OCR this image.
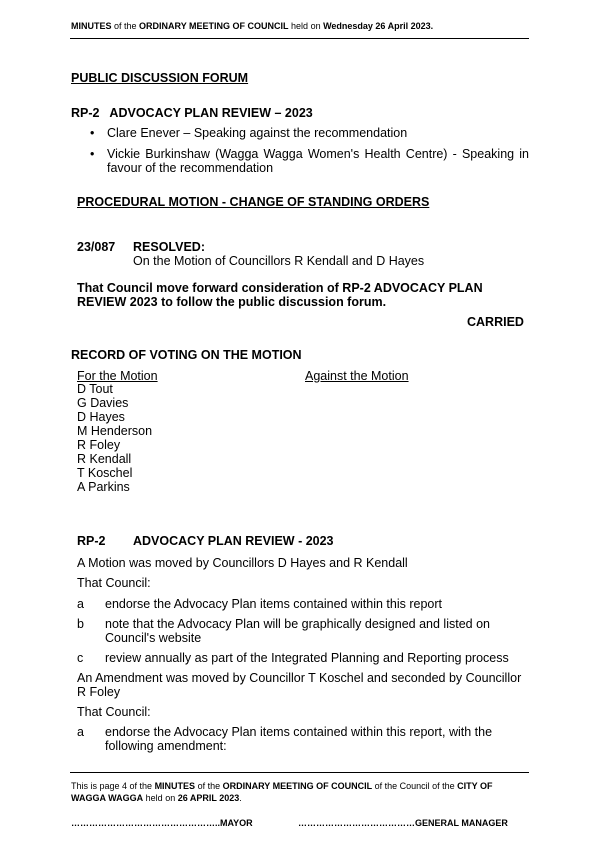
MINUTES of the ORDINARY MEETING OF COUNCIL held on Wednesday 26 April 2023.
PUBLIC DISCUSSION FORUM
RP-2   ADVOCACY PLAN REVIEW – 2023
• Clare Enever – Speaking against the recommendation
• Vickie Burkinshaw (Wagga Wagga Women's Health Centre) - Speaking in favour of the recommendation
PROCEDURAL MOTION - CHANGE OF STANDING ORDERS
23/087 RESOLVED:
On the Motion of Councillors R Kendall and D Hayes
That Council move forward consideration of RP-2 ADVOCACY PLAN REVIEW 2023 to follow the public discussion forum.
CARRIED
RECORD OF VOTING ON THE MOTION
For the Motion	Against the Motion
D Tout
G Davies
D Hayes
M Henderson
R Foley
R Kendall
T Koschel
A Parkins
RP-2 ADVOCACY PLAN REVIEW - 2023
A Motion was moved by Councillors D Hayes and R Kendall
That Council:
a endorse the Advocacy Plan items contained within this report
b note that the Advocacy Plan will be graphically designed and listed on Council's website
c review annually as part of the Integrated Planning and Reporting process
An Amendment was moved by Councillor T Koschel and seconded by Councillor R Foley
That Council:
a endorse the Advocacy Plan items contained within this report, with the following amendment:
This is page 4 of the MINUTES of the ORDINARY MEETING OF COUNCIL of the Council of the CITY OF WAGGA WAGGA held on 26 APRIL 2023.
…………………………………………..MAYOR	…………………………………GENERAL MANAGER
